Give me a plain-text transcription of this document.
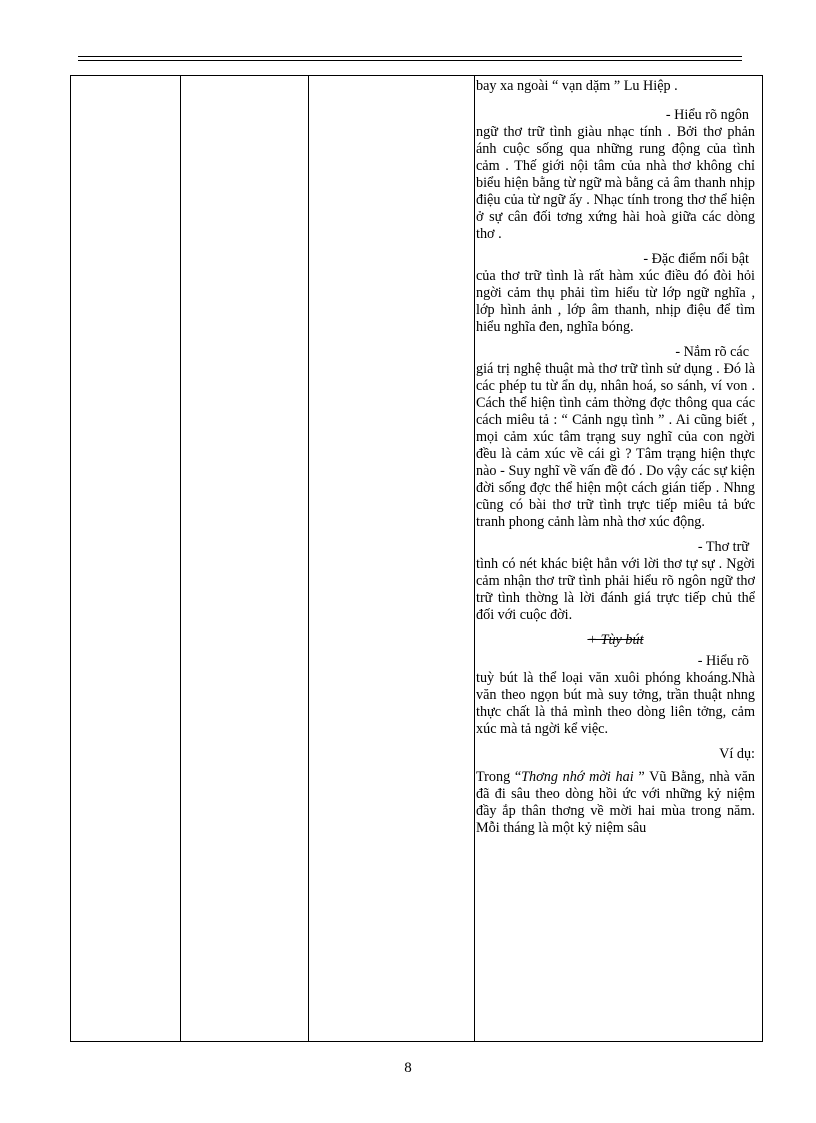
bay xa ngoài “ vạn dặm ” Lu Hiệp .

- Hiểu rõ ngôn

ngữ thơ trữ tình giàu nhạc tính . Bởi thơ phản ánh cuộc sống qua những rung động của tình cảm . Thế giới nội tâm của nhà thơ không chỉ biểu hiện bằng từ ngữ mà bằng cả âm thanh nhịp điệu của từ ngữ ấy . Nhạc tính trong thơ thể hiện ở sự cân đối tơng xứng hài hoà giữa các dòng thơ .

- Đặc điểm nổi bật

của thơ trữ tình là rất hàm xúc điều đó đòi hỏi ngời cảm thụ phải tìm hiểu từ lớp ngữ nghĩa , lớp hình ảnh , lớp âm thanh, nhịp điệu để tìm hiểu nghĩa đen, nghĩa bóng.

- Nắm rõ các

giá trị nghệ thuật mà thơ trữ tình sử dụng . Đó là các phép tu từ ẩn dụ, nhân hoá, so sánh, ví von . Cách thể hiện tình cảm thờng đợc thông qua các cách miêu tả : “ Cảnh ngụ tình ” . Ai cũng biết , mọi cảm xúc tâm trạng suy nghĩ của con ngời đều là cảm xúc về cái gì ? Tâm trạng hiện thực nào - Suy nghĩ về vấn đề đó . Do vậy các sự kiện đời sống đợc thể hiện một cách gián tiếp . Nhng cũng có bài thơ trữ tình trực tiếp miêu tả bức tranh phong cảnh làm nhà thơ xúc động.

- Thơ trữ

tình có nét khác biệt hẳn với lời thơ tự sự . Ngời cảm nhận thơ trữ tình phải hiểu rõ ngôn ngữ thơ trữ tình thờng là lời đánh giá trực tiếp chủ thể đối với cuộc đời.

+ Tùy bút
- Hiểu rõ

tuỳ bút là thể loại văn xuôi phóng khoáng.Nhà văn theo ngọn bút mà suy tởng, trần thuật nhng thực chất là thả mình theo dòng liên tởng, cảm xúc mà tả ngời kể việc.

Ví dụ:

Trong “Thơng nhớ mời hai ” Vũ Bằng, nhà văn đã đi sâu theo dòng hồi ức với những kỷ niệm đầy ắp thân thơng về mời hai mùa trong năm. Mỗi tháng là một kỷ niệm sâu

8
